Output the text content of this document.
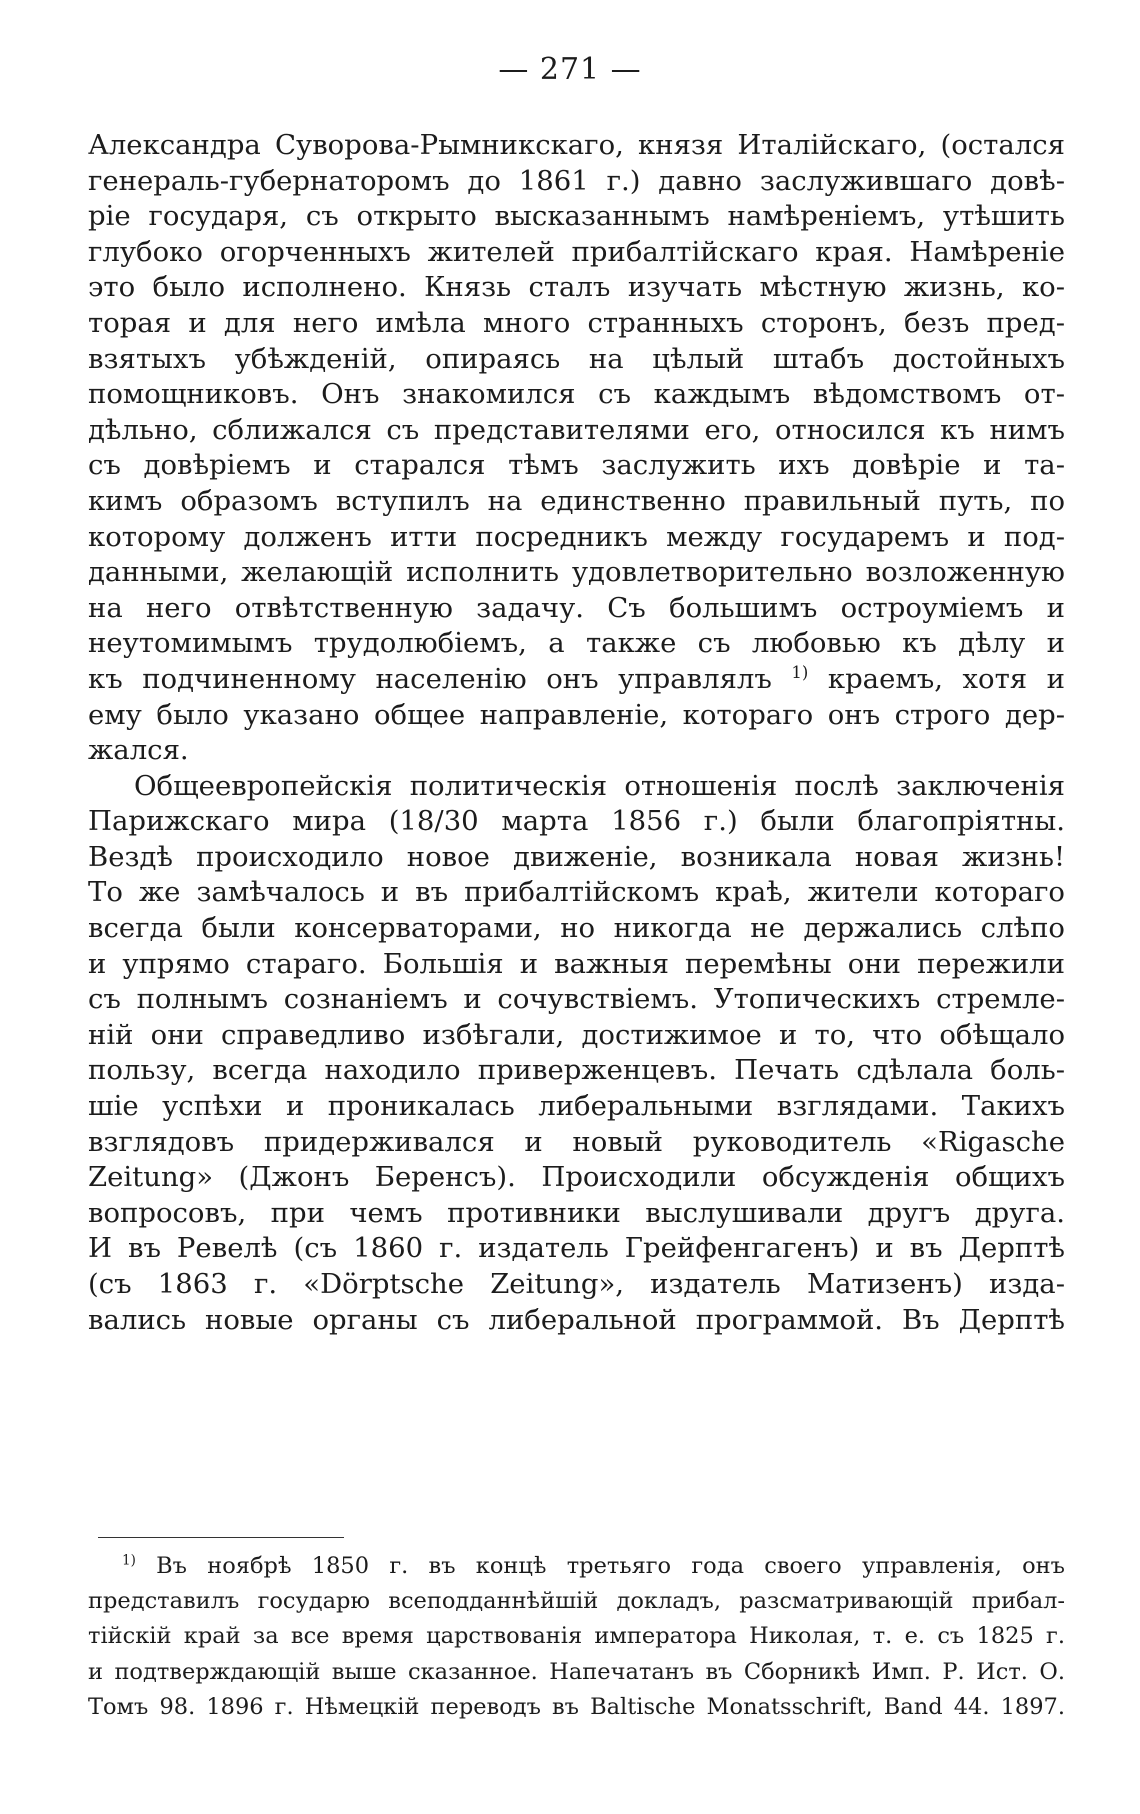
— 271 —

Александра Суворова-Рымникскаго, князя Италійскаго, (остался
генераль-губернаторомъ до 1861 г.) давно заслужившаго довѣ-
ріе государя, съ открыто высказаннымъ намѣреніемъ, утѣшить
глубоко огорченныхъ жителей прибалтійскаго края. Намѣреніе
это было исполнено. Князь сталъ изучать мѣстную жизнь, ко-
торая и для него имѣла много странныхъ сторонъ, безъ пред-
взятыхъ убѣжденій, опираясь на цѣлый штабъ достойныхъ
помощниковъ. Онъ знакомился съ каждымъ вѣдомствомъ от-
дѣльно, сближался съ представителями его, относился къ нимъ
съ довѣріемъ и старался тѣмъ заслужить ихъ довѣріе и та-
кимъ образомъ вступилъ на единственно правильный путь, по
которому долженъ итти посредникъ между государемъ и под-
данными, желающій исполнить удовлетворительно возложенную
на него отвѣтственную задачу. Съ большимъ остроуміемъ и
неутомимымъ трудолюбіемъ, а также съ любовью къ дѣлу и
къ подчиненному населенію онъ управлялъ $^{1)}$ краемъ, хотя и
ему было указано общее направленіе, котораго онъ строго дер-
жался.

Общеевропейскія политическія отношенія послѣ заключенія
Парижскаго мира (18/30 марта 1856 г.) были благопріятны.
Вездѣ происходило новое движеніе, возникала новая жизнь!
То же замѣчалось и въ прибалтійскомъ краѣ, жители котораго
всегда были консерваторами, но никогда не держались слѣпо
и упрямо стараго. Большія и важныя перемѣны они пережили
съ полнымъ сознаніемъ и сочувствіемъ. Утопическихъ стремле-
ній они справедливо избѣгали, достижимое и то, что обѣщало
пользу, всегда находило приверженцевъ. Печать сдѣлала боль-
шіе успѣхи и проникалась либеральными взглядами. Такихъ
взглядовъ придерживался и новый руководитель «Rigasche
Zeitung» (Джонъ Беренсъ). Происходили обсужденія общихъ
вопросовъ, при чемъ противники выслушивали другъ друга.
И въ Ревелѣ (съ 1860 г. издатель Грейфенгагенъ) и въ Дерптѣ
(съ 1863 г. «Dörptsche Zeitung», издатель Матизенъ) изда-
вались новые органы съ либеральной программой. Въ Дерптѣ

$^{1)}$ Въ ноябрѣ 1850 г. въ концѣ третьяго года своего управленія, онъ
представилъ государю всеподданнѣйшій докладъ, разсматривающій прибал-
тійскій край за все время царствованія императора Николая, т. е. съ 1825 г.
и подтверждающій выше сказанное. Напечатанъ въ Сборникѣ Имп. Р. Ист. О.
Томъ 98. 1896 г. Нѣмецкій переводъ въ Baltische Monatsschrift, Band 44. 1897.
